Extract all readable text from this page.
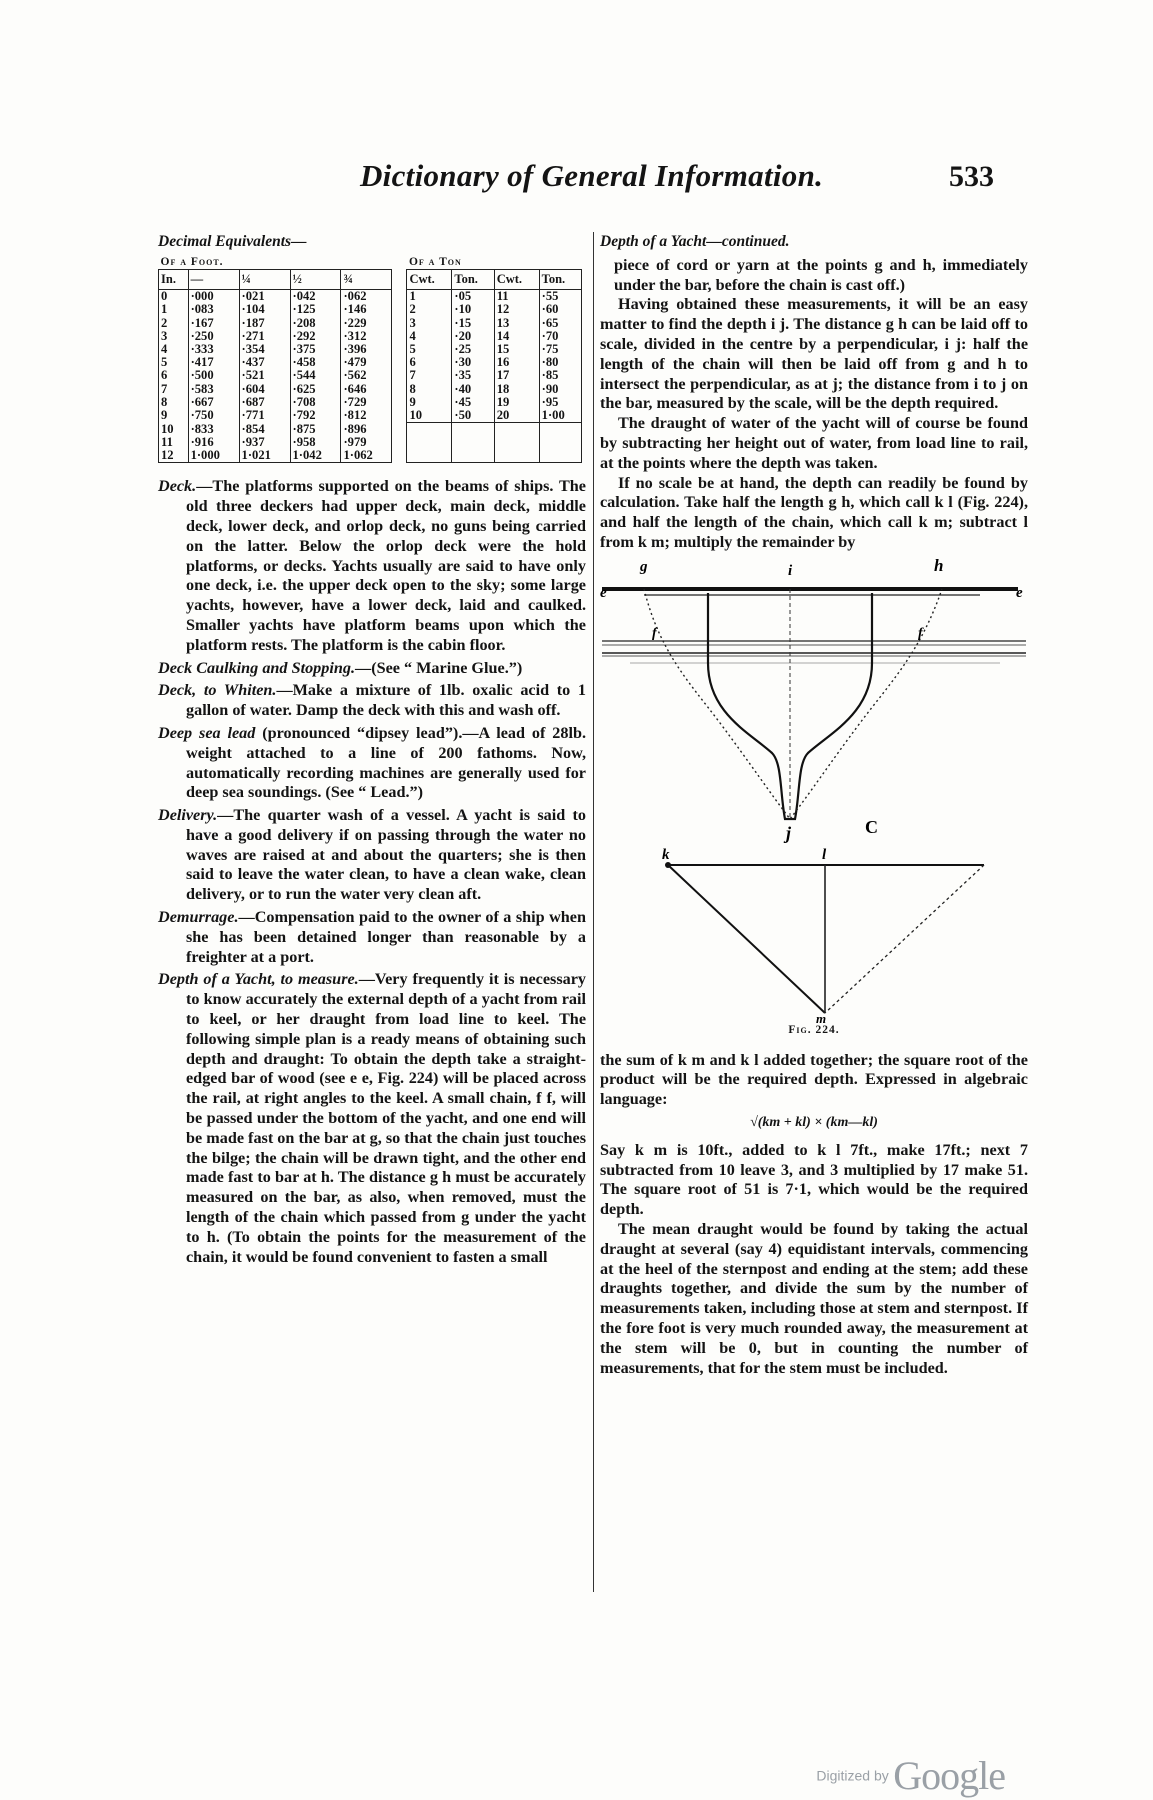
Dictionary of General Information.	533
Decimal Equivalents—
Of a Foot.						Of a Ton			
In.	—	¼	½	¾		Cwt.	Ton.	Cwt.	Ton.
0	·000	·021	·042	·062		1	·05	11	·55
1	·083	·104	·125	·146		2	·10	12	·60
2	·167	·187	·208	·229		3	·15	13	·65
3	·250	·271	·292	·312		4	·20	14	·70
4	·333	·354	·375	·396		5	·25	15	·75
5	·417	·437	·458	·479		6	·30	16	·80
6	·500	·521	·544	·562		7	·35	17	·85
7	·583	·604	·625	·646		8	·40	18	·90
8	·667	·687	·708	·729		9	·45	19	·95
9	·750	·771	·792	·812		10	·50	20	1·00
10	·833	·854	·875	·896					
11	·916	·937	·958	·979					
12	1·000	1·021	1·042	1·062					

Deck.—The platforms supported on the beams of ships. The old three deckers had upper deck, main deck, middle deck, lower deck, and orlop deck, no guns being carried on the latter. Below the orlop deck were the hold platforms, or decks. Yachts usually are said to have only one deck, i.e. the upper deck open to the sky; some large yachts, however, have a lower deck, laid and caulked. Smaller yachts have platform beams upon which the platform rests. The platform is the cabin floor.

Deck Caulking and Stopping.—(See “ Marine Glue.”)

Deck, to Whiten.—Make a mixture of 1lb. oxalic acid to 1 gallon of water. Damp the deck with this and wash off.

Deep sea lead (pronounced “dipsey lead”).—A lead of 28lb. weight attached to a line of 200 fathoms. Now, automatically recording machines are generally used for deep sea soundings. (See “ Lead.”)

Delivery.—The quarter wash of a vessel. A yacht is said to have a good delivery if on passing through the water no waves are raised at and about the quarters; she is then said to leave the water clean, to have a clean wake, clean delivery, or to run the water very clean aft.

Demurrage.—Compensation paid to the owner of a ship when she has been detained longer than reasonable by a freighter at a port.

Depth of a Yacht, to measure.—Very frequently it is necessary to know accurately the external depth of a yacht from rail to keel, or her draught from load line to keel. The following simple plan is a ready means of obtaining such depth and draught: To obtain the depth take a straight-edged bar of wood (see e e, Fig. 224) will be placed across the rail, at right angles to the keel. A small chain, f f, will be passed under the bottom of the yacht, and one end will be made fast on the bar at g, so that the chain just touches the bilge; the chain will be drawn tight, and the other end made fast to bar at h. The distance g h must be accurately measured on the bar, as also, when removed, must the length of the chain which passed from g under the yacht to h. (To obtain the points for the measurement of the chain, it would be found convenient to fasten a small

Depth of a Yacht—continued.

piece of cord or yarn at the points g and h, immediately under the bar, before the chain is cast off.)

Having obtained these measurements, it will be an easy matter to find the depth i j. The distance g h can be laid off to scale, divided in the centre by a perpendicular, i j: half the length of the chain will then be laid off from g and h to intersect the perpendicular, as at j; the distance from i to j on the bar, measured by the scale, will be the depth required.

The draught of water of the yacht will of course be found by subtracting her height out of water, from load line to rail, at the points where the depth was taken.

If no scale be at hand, the depth can readily be found by calculation. Take half the length g h, which call k l (Fig. 224), and half the length of the chain, which call k m; subtract l from k m; multiply the remainder by

g	i	h
e	e
f	f
j	C
k	l
m
Fig. 224.

the sum of k m and k l added together; the square root of the product will be the required depth. Expressed in algebraic language:

√(km + kl) × (km—kl)

Say k m is 10ft., added to k l 7ft., make 17ft.; next 7 subtracted from 10 leave 3, and 3 multiplied by 17 make 51. The square root of 51 is 7·1, which would be the required depth.

The mean draught would be found by taking the actual draught at several (say 4) equidistant intervals, commencing at the heel of the sternpost and ending at the stem; add these draughts together, and divide the sum by the number of measurements taken, including those at stem and sternpost. If the fore foot is very much rounded away, the measurement at the stem will be 0, but in counting the number of measurements, that for the stem must be included.

Digitized by Google
